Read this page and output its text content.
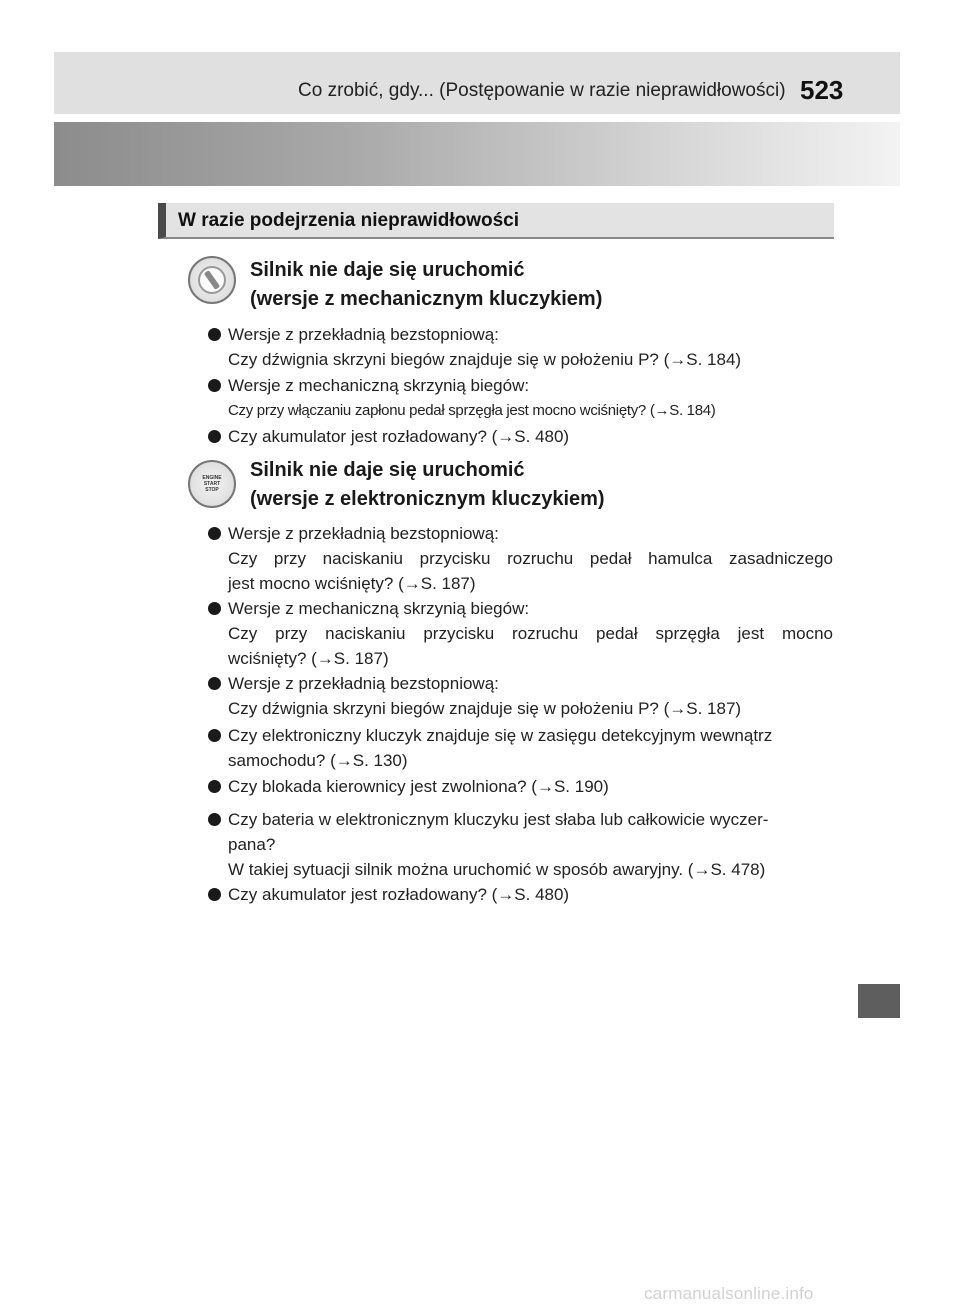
Co zrobić, gdy... (Postępowanie w razie nieprawidłowości) 523
W razie podejrzenia nieprawidłowości
Silnik nie daje się uruchomić
(wersje z mechanicznym kluczykiem)
Wersje z przekładnią bezstopniową:
Czy dźwignia skrzyni biegów znajduje się w położeniu P? (→S. 184)
Wersje z mechaniczną skrzynią biegów:
Czy przy włączaniu zapłonu pedał sprzęgła jest mocno wciśnięty? (→S. 184)
Czy akumulator jest rozładowany? (→S. 480)
ENGINE
START
STOP
Silnik nie daje się uruchomić
(wersje z elektronicznym kluczykiem)
Wersje z przekładnią bezstopniową:
Czy przy naciskaniu przycisku rozruchu pedał hamulca zasadniczego
jest mocno wciśnięty? (→S. 187)
Wersje z mechaniczną skrzynią biegów:
Czy przy naciskaniu przycisku rozruchu pedał sprzęgła jest mocno
wciśnięty? (→S. 187)
Wersje z przekładnią bezstopniową:
Czy dźwignia skrzyni biegów znajduje się w położeniu P? (→S. 187)
Czy elektroniczny kluczyk znajduje się w zasięgu detekcyjnym wewnątrz
samochodu? (→S. 130)
Czy blokada kierownicy jest zwolniona? (→S. 190)
Czy bateria w elektronicznym kluczyku jest słaba lub całkowicie wyczer-
pana?
W takiej sytuacji silnik można uruchomić w sposób awaryjny. (→S. 478)
Czy akumulator jest rozładowany? (→S. 480)
carmanualsonline.info
